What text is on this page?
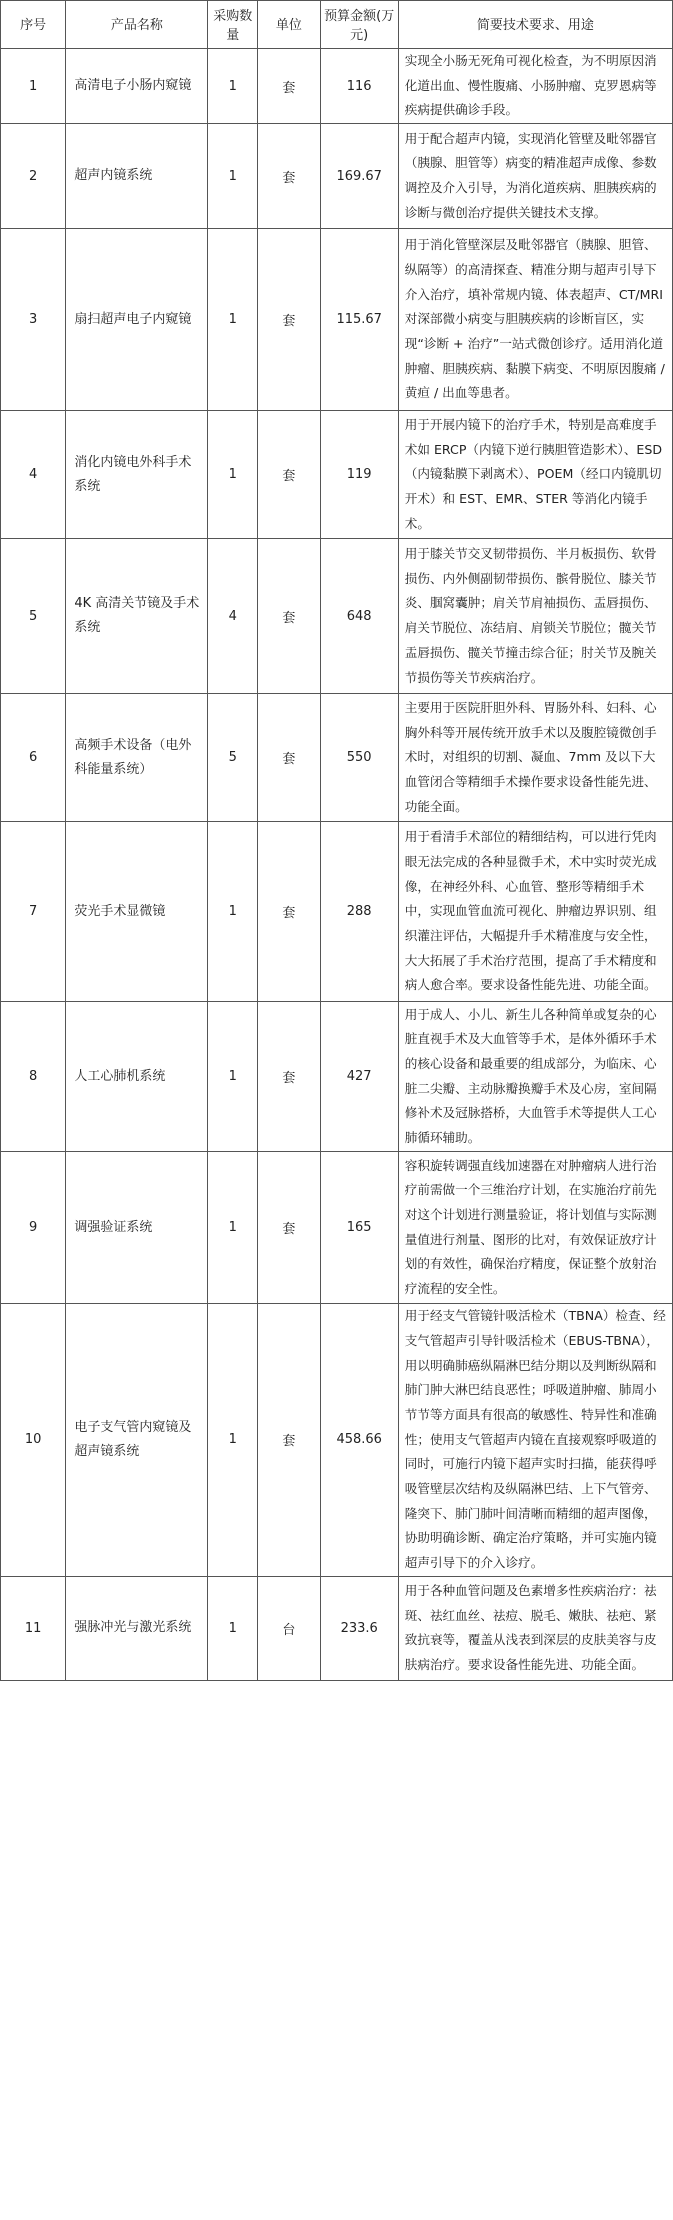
序号	产品名称	采购数量	单位	预算金额(万元)	简要技术要求、用途
1	高清电子小肠内窥镜	1	套	116	实现全小肠无死角可视化检查，为不明原因消化道出血、慢性腹痛、小肠肿瘤、克罗恩病等疾病提供确诊手段。
2	超声内镜系统	1	套	169.67	用于配合超声内镜，实现消化管壁及毗邻器官（胰腺、胆管等）病变的精准超声成像、参数调控及介入引导，为消化道疾病、胆胰疾病的诊断与微创治疗提供关键技术支撑。
3	扇扫超声电子内窥镜	1	套	115.67	用于消化管壁深层及毗邻器官（胰腺、胆管、纵隔等）的高清探查、精准分期与超声引导下介入治疗，填补常规内镜、体表超声、CT/MRI 对深部微小病变与胆胰疾病的诊断盲区，实现“诊断 + 治疗”一站式微创诊疗。适用消化道肿瘤、胆胰疾病、黏膜下病变、不明原因腹痛 / 黄疸 / 出血等患者。
4	消化内镜电外科手术系统	1	套	119	用于开展内镜下的治疗手术，特别是高难度手术如 ERCP（内镜下逆行胰胆管造影术）、ESD（内镜黏膜下剥离术）、POEM（经口内镜肌切开术）和 EST、EMR、STER 等消化内镜手术。
5	4K 高清关节镜及手术系统	4	套	648	用于膝关节交叉韧带损伤、半月板损伤、软骨损伤、内外侧副韧带损伤、髌骨脱位、膝关节炎、腘窝囊肿；肩关节肩袖损伤、盂唇损伤、肩关节脱位、冻结肩、肩锁关节脱位；髋关节盂唇损伤、髋关节撞击综合征；肘关节及腕关节损伤等关节疾病治疗。
6	高频手术设备（电外科能量系统）	5	套	550	主要用于医院肝胆外科、胃肠外科、妇科、心胸外科等开展传统开放手术以及腹腔镜微创手术时，对组织的切割、凝血、7mm 及以下大血管闭合等精细手术操作要求设备性能先进、功能全面。
7	荧光手术显微镜	1	套	288	用于看清手术部位的精细结构，可以进行凭肉眼无法完成的各种显微手术，术中实时荧光成像，在神经外科、心血管、整形等精细手术中，实现血管血流可视化、肿瘤边界识别、组织灌注评估，大幅提升手术精准度与安全性，大大拓展了手术治疗范围，提高了手术精度和病人愈合率。要求设备性能先进、功能全面。
8	人工心肺机系统	1	套	427	用于成人、小儿、新生儿各种简单或复杂的心脏直视手术及大血管等手术，是体外循环手术的核心设备和最重要的组成部分，为临床、心脏二尖瓣、主动脉瓣换瓣手术及心房，室间隔修补术及冠脉搭桥，大血管手术等提供人工心肺循环辅助。
9	调强验证系统	1	套	165	容积旋转调强直线加速器在对肿瘤病人进行治疗前需做一个三维治疗计划，在实施治疗前先对这个计划进行测量验证，将计划值与实际测量值进行剂量、图形的比对，有效保证放疗计划的有效性，确保治疗精度，保证整个放射治疗流程的安全性。
10	电子支气管内窥镜及超声镜系统	1	套	458.66	用于经支气管镜针吸活检术（TBNA）检查、经支气管超声引导针吸活检术（EBUS-TBNA），用以明确肺癌纵隔淋巴结分期以及判断纵隔和肺门肿大淋巴结良恶性；呼吸道肿瘤、肺周小节节等方面具有很高的敏感性、特异性和准确性；使用支气管超声内镜在直接观察呼吸道的同时，可施行内镜下超声实时扫描，能获得呼吸管壁层次结构及纵隔淋巴结、上下气管旁、隆突下、肺门肺叶间清晰而精细的超声图像，协助明确诊断、确定治疗策略，并可实施内镜超声引导下的介入诊疗。
11	强脉冲光与激光系统	1	台	233.6	用于各种血管问题及色素增多性疾病治疗：祛斑、祛红血丝、祛痘、脱毛、嫩肤、祛疤、紧致抗衰等，覆盖从浅表到深层的皮肤美容与皮肤病治疗。要求设备性能先进、功能全面。
